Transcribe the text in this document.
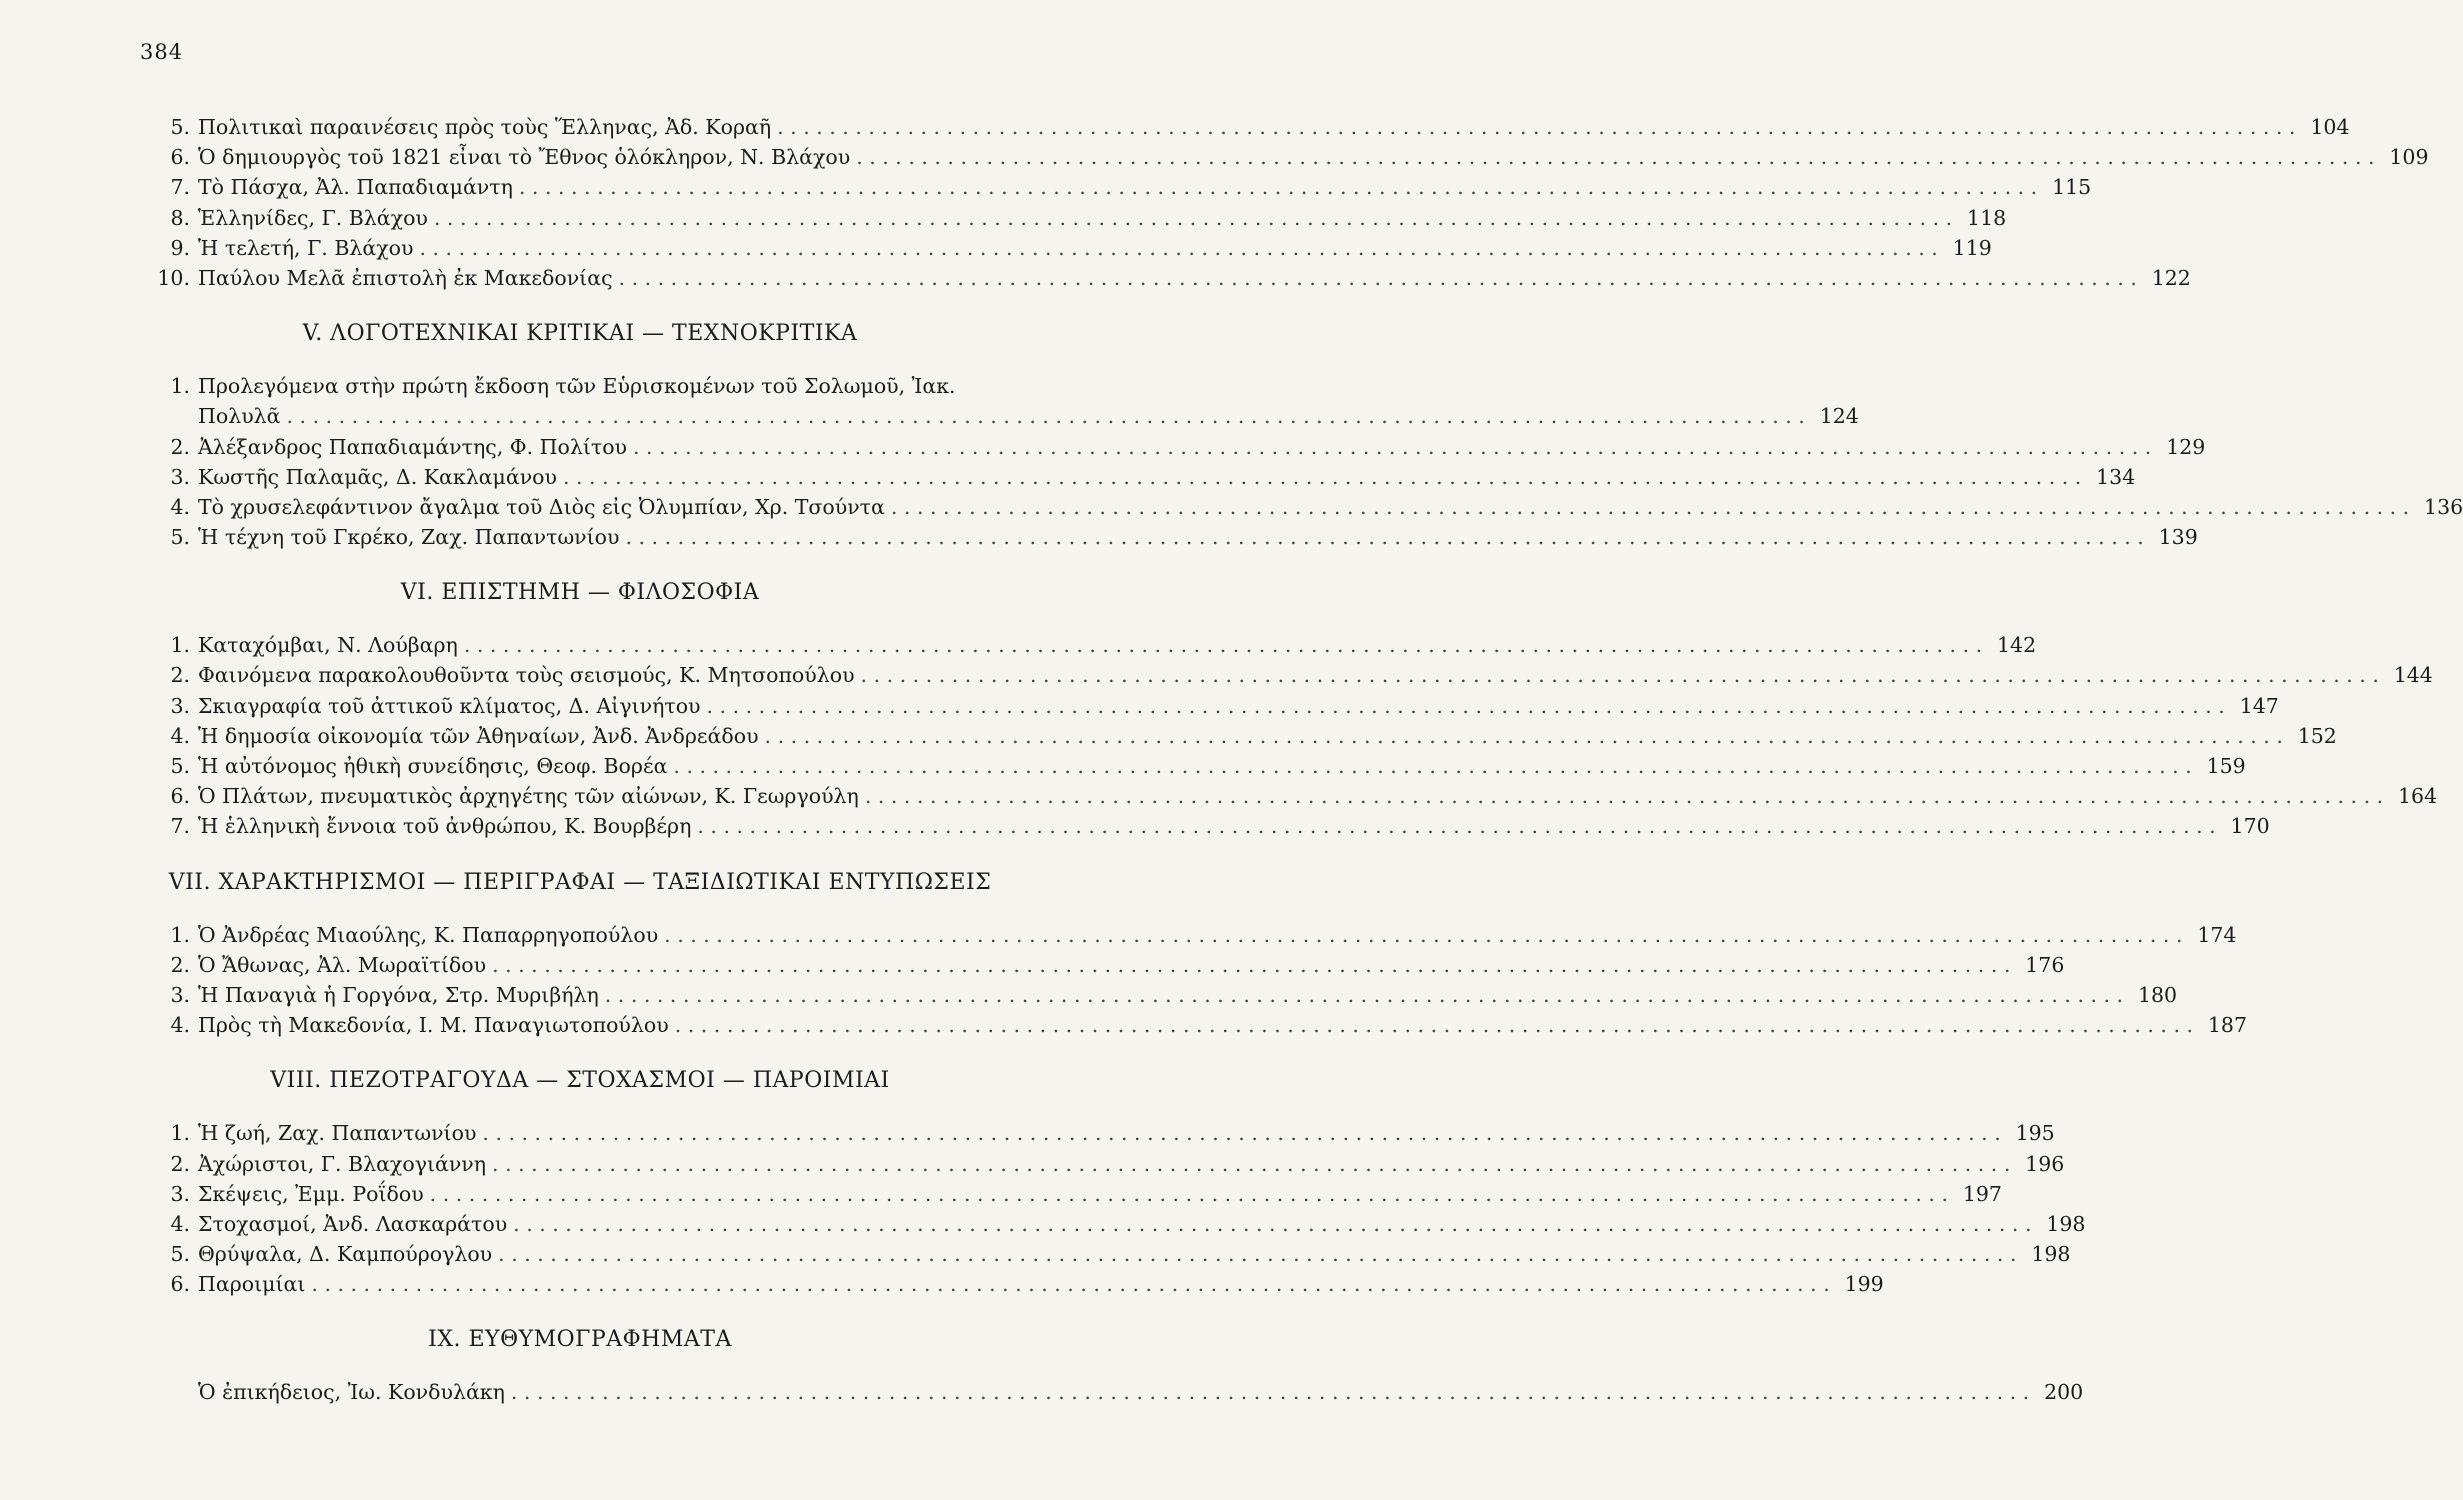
384
5. Πολιτικαὶ παραινέσεις πρὸς τοὺς Ἕλληνας, Ἀδ. Κοραῆ . . .	104
6. Ὁ δημιουργὸς τοῦ 1821 εἶναι τὸ Ἔθνος ὁλόκληρον, Ν. Βλάχου . . .	109
7. Τὸ Πάσχα, Ἀλ. Παπαδιαμάντη . . .	115
8. Ἑλληνίδες, Γ. Βλάχου . . .	118
9. Ἡ τελετή, Γ. Βλάχου . . .	119
10. Παύλου Μελᾶ ἐπιστολὴ ἐκ Μακεδονίας . . .	122
V. ΛΟΓΟΤΕΧΝΙΚΑΙ ΚΡΙΤΙΚΑΙ — ΤΕΧΝΟΚΡΙΤΙΚΑ
1. Προλεγόμενα στὴν πρώτη ἔκδοση τῶν Εὑρισκομένων τοῦ Σολωμοῦ, Ἰακ.
Πολυλᾶ . . .	124
2. Ἀλέξανδρος Παπαδιαμάντης, Φ. Πολίτου . . .	129
3. Κωστῆς Παλαμᾶς, Δ. Κακλαμάνου . . .	134
4. Τὸ χρυσελεφάντινον ἄγαλμα τοῦ Διὸς εἰς Ὀλυμπίαν, Χρ. Τσούντα . . .	136
5. Ἡ τέχνη τοῦ Γκρέκο, Ζαχ. Παπαντωνίου . . .	139
VI. ΕΠΙΣΤΗΜΗ — ΦΙΛΟΣΟΦΙΑ
1. Καταχόμβαι, Ν. Λούβαρη . . .	142
2. Φαινόμενα παρακολουθοῦντα τοὺς σεισμούς, Κ. Μητσοπούλου . . .	144
3. Σκιαγραφία τοῦ ἀττικοῦ κλίματος, Δ. Αἰγινήτου . . .	147
4. Ἡ δημοσία οἰκονομία τῶν Ἀθηναίων, Ἀνδ. Ἀνδρεάδου . . .	152
5. Ἡ αὐτόνομος ἠθικὴ συνείδησις, Θεοφ. Βορέα . . .	159
6. Ὁ Πλάτων, πνευματικὸς ἀρχηγέτης τῶν αἰώνων, Κ. Γεωργούλη . . .	164
7. Ἡ ἑλληνικὴ ἔννοια τοῦ ἀνθρώπου, Κ. Βουρβέρη . . .	170
VII. ΧΑΡΑΚΤΗΡΙΣΜΟΙ — ΠΕΡΙΓΡΑΦΑΙ — ΤΑΞΙΔΙΩΤΙΚΑΙ ΕΝΤΥΠΩΣΕΙΣ
1. Ὁ Ἀνδρέας Μιαούλης, Κ. Παπαρρηγοπούλου . . .	174
2. Ὁ Ἄθωνας, Ἀλ. Μωραϊτίδου . . .	176
3. Ἡ Παναγιὰ ἡ Γοργόνα, Στρ. Μυριβήλη . . .	180
4. Πρὸς τὴ Μακεδονία, Ι. Μ. Παναγιωτοπούλου . . .	187
VIII. ΠΕΖΟΤΡΑΓΟΥΔΑ — ΣΤΟΧΑΣΜΟΙ — ΠΑΡΟΙΜΙΑΙ
1. Ἡ ζωή, Ζαχ. Παπαντωνίου . . .	195
2. Ἀχώριστοι, Γ. Βλαχογιάννη . . .	196
3. Σκέψεις, Ἐμμ. Ροΐδου . . .	197
4. Στοχασμοί, Ἀνδ. Λασκαράτου . . .	198
5. Θρύψαλα, Δ. Καμπούρογλου . . .	198
6. Παροιμίαι . . .	199
IX. ΕΥΘΥΜΟΓΡΑΦΗΜΑΤΑ
Ὁ ἐπικήδειος, Ἰω. Κονδυλάκη . . .	200
